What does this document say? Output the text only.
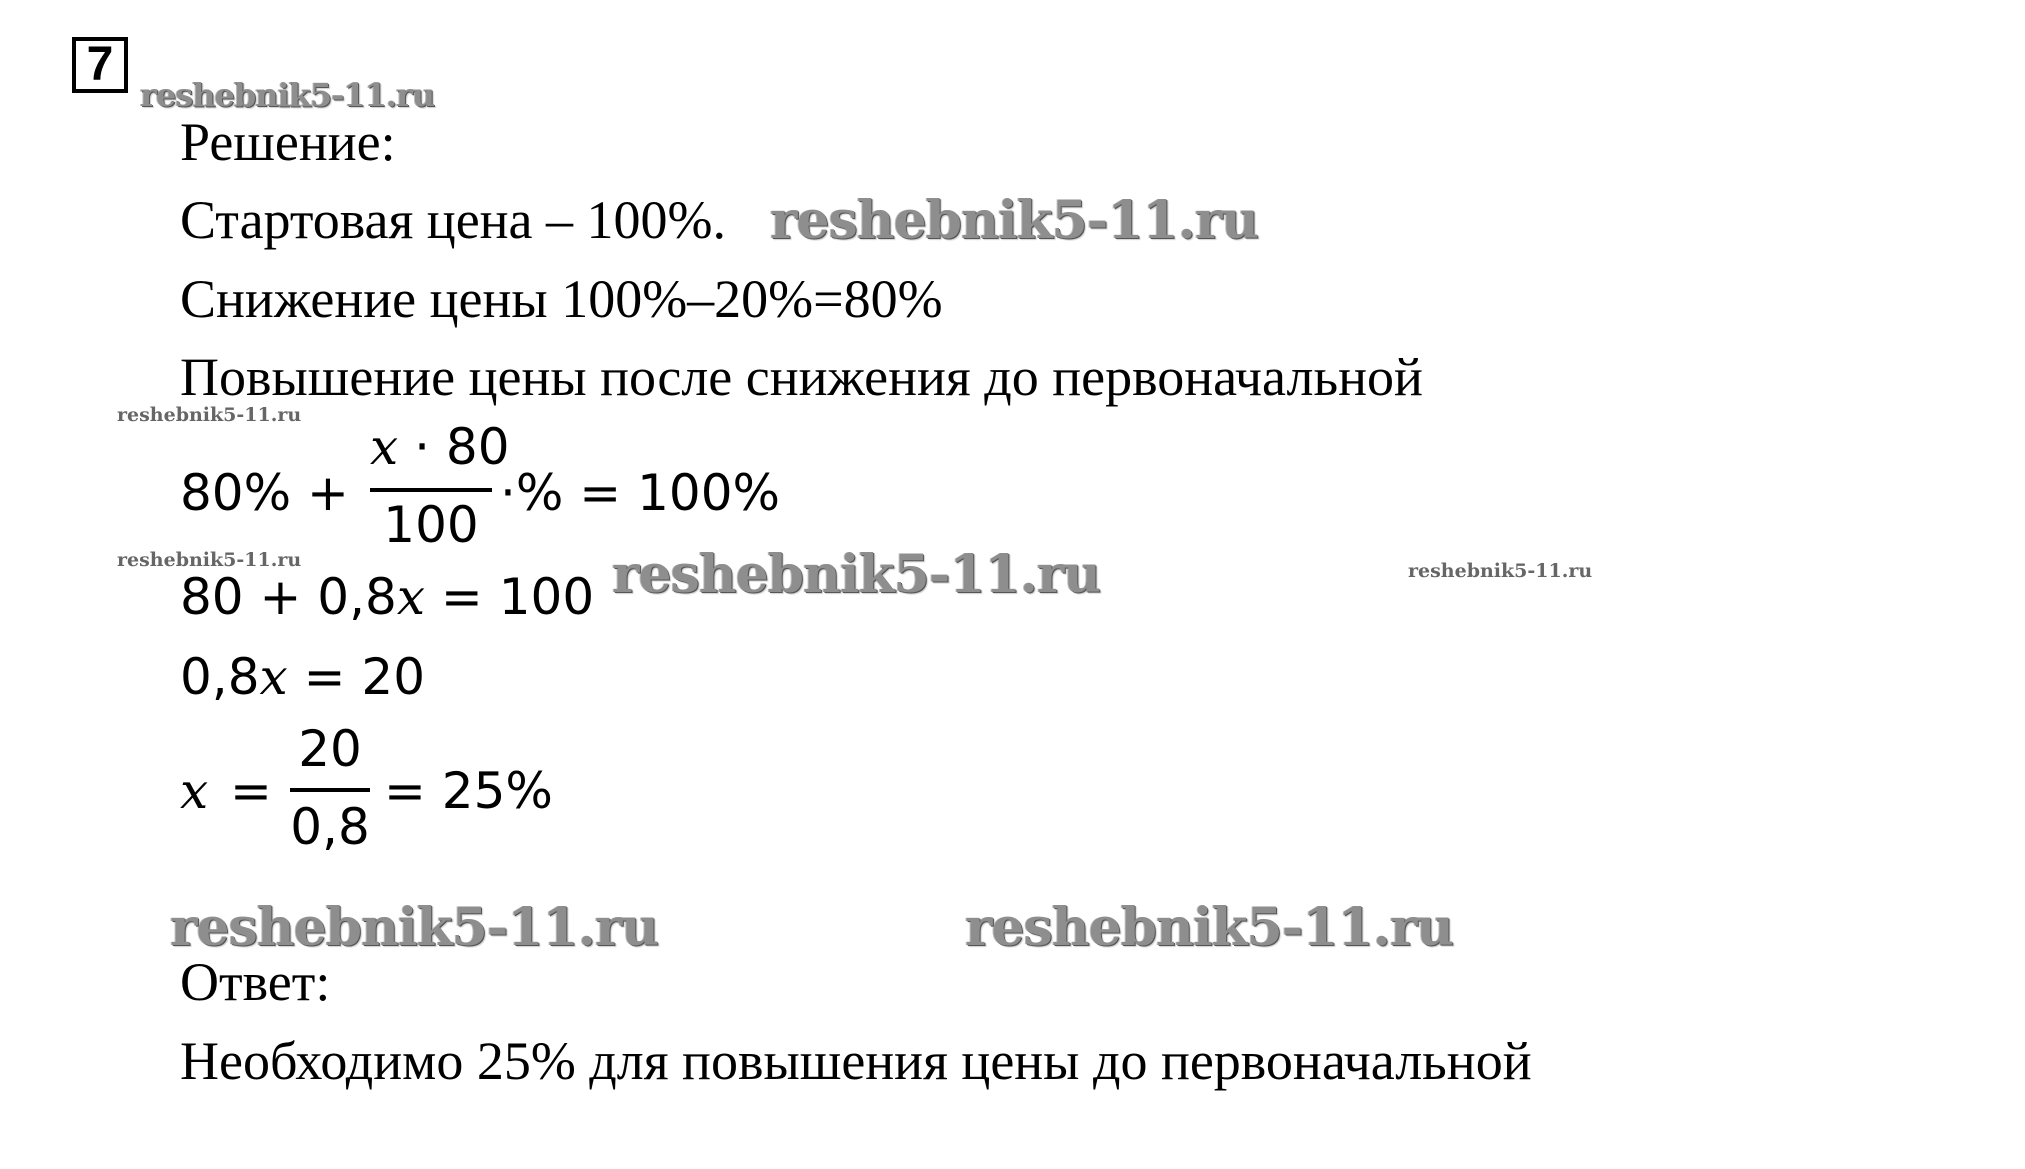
7
reshebnik5-11.ru
reshebnik5-11.ru
reshebnik5-11.ru
reshebnik5-11.ru	reshebnik5-11.ru	reshebnik5-11.ru
reshebnik5-11.ru	reshebnik5-11.ru
Решение:
Стартовая цена – 100%.
Снижение цены 100%–20%=80%
Повышение цены после снижения до первоначальной
80% +
x · 80
100
·% = 100%
80 + 0,8x = 100
0,8x = 20
x =
20
0,8
= 25%
Ответ:
Необходимо 25% для повышения цены до первоначальной
